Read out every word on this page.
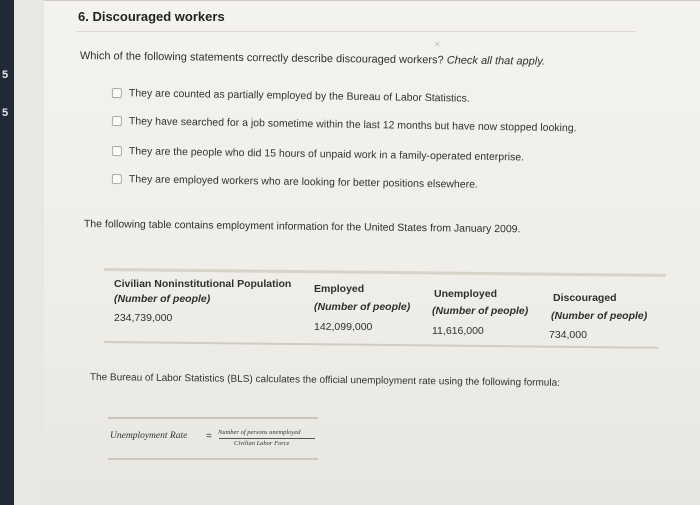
5
5
6. Discouraged workers
✕
Which of the following statements correctly describe discouraged workers? Check all that apply.
They are counted as partially employed by the Bureau of Labor Statistics.
They have searched for a job sometime within the last 12 months but have now stopped looking.
They are the people who did 15 hours of unpaid work in a family-operated enterprise.
They are employed workers who are looking for better positions elsewhere.
The following table contains employment information for the United States from January 2009.
Civilian Noninstitutional Population
(Number of people)
234,739,000
Employed
(Number of people)
142,099,000
Unemployed
(Number of people)
11,616,000
Discouraged
(Number of people)
734,000
The Bureau of Labor Statistics (BLS) calculates the official unemployment rate using the following formula:
Unemployment Rate = Number of persons unemployed
Civilian Labor Force
